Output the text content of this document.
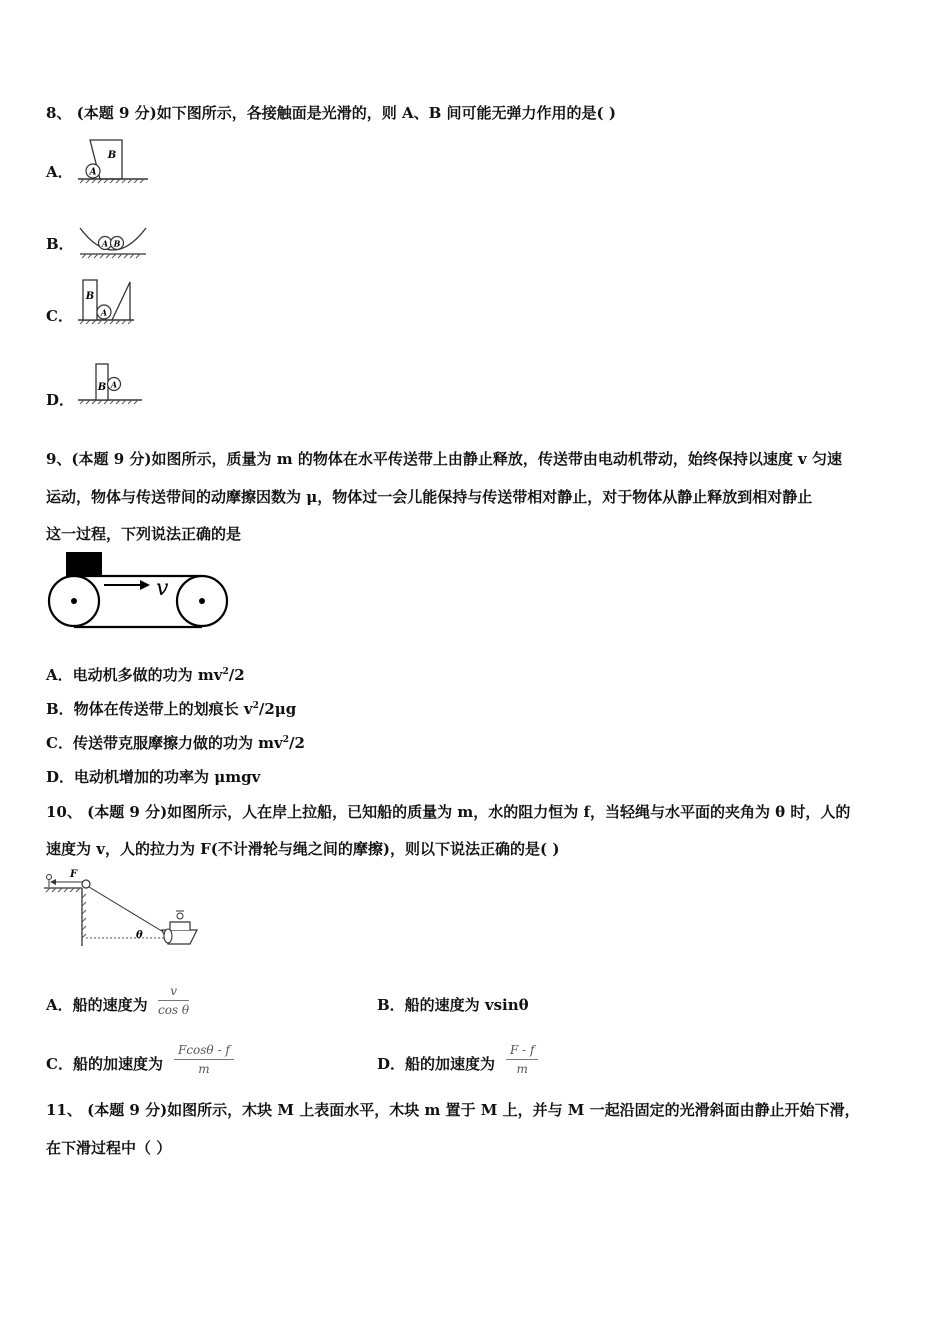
8、 (本题 9 分)如下图所示，各接触面是光滑的，则 A、B 间可能无弹力作用的是( )
A． A
B
B．	A B
C．
B
A
D．
B A
9、(本题 9 分)如图所示，质量为 m 的物体在水平传送带上由静止释放，传送带由电动机带动，始终保持以速度 v 匀速
运动，物体与传送带间的动摩擦因数为 μ，物体过一会儿能保持与传送带相对静止，对于物体从静止释放到相对静止
这一过程，下列说法正确的是
v
A．电动机多做的功为 $mv^2/2$
B．物体在传送带上的划痕长 $v^2/2\mu g$
C．传送带克服摩擦力做的功为 $mv^2/2$
D．电动机增加的功率为 μmgv
10、 (本题 9 分)如图所示，人在岸上拉船，已知船的质量为 m，水的阻力恒为 f，当轻绳与水平面的夹角为 θ 时，人的
速度为 v，人的拉力为 F(不计滑轮与绳之间的摩擦)，则以下说法正确的是( )
F
θ
A．船的速度为
v
cos θ	B．船的速度为 vsinθ
C．船的加速度为
Fcosθ - f
m	D．船的加速度为
F - f
m
11、 (本题 9 分)如图所示，木块 M 上表面水平，木块 m 置于 M 上，并与 M 一起沿固定的光滑斜面由静止开始下滑，
在下滑过程中（ ）
